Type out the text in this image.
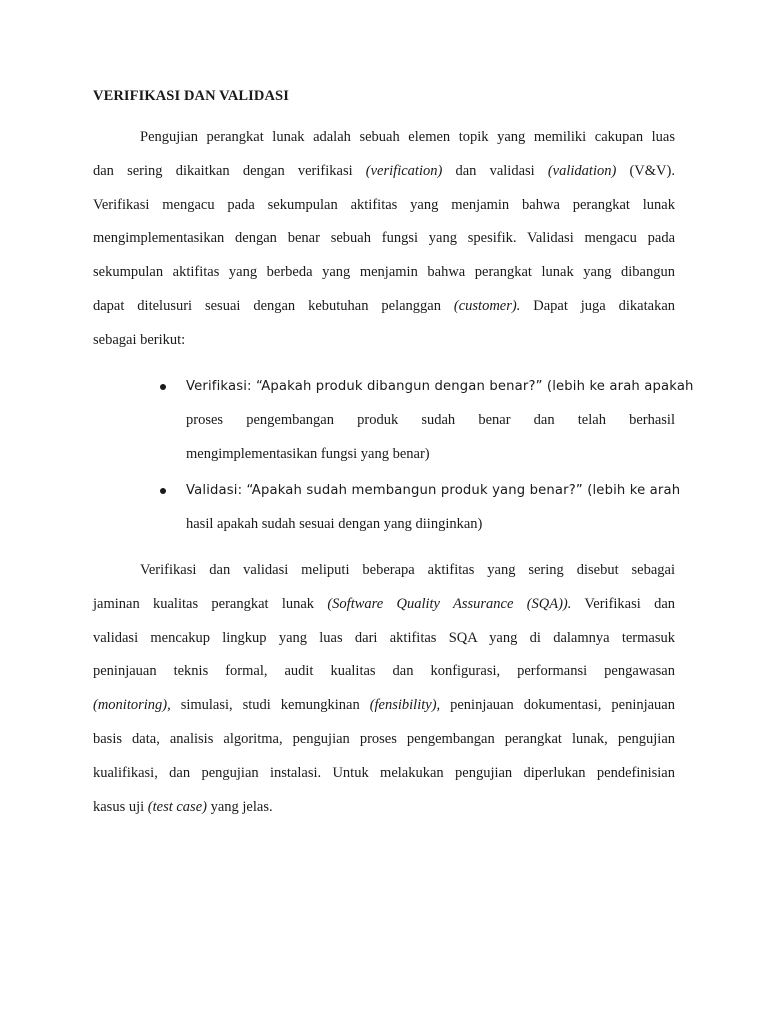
VERIFIKASI DAN VALIDASI
Pengujian perangkat lunak adalah sebuah elemen topik yang memiliki cakupan luas
dan sering dikaitkan dengan verifikasi (verification) dan validasi (validation) (V&V).
Verifikasi mengacu pada sekumpulan aktifitas yang menjamin bahwa perangkat lunak
mengimplementasikan dengan benar sebuah fungsi yang spesifik. Validasi mengacu pada
sekumpulan aktifitas yang berbeda yang menjamin bahwa perangkat lunak yang dibangun
dapat ditelusuri sesuai dengan kebutuhan pelanggan (customer). Dapat juga dikatakan
sebagai berikut:
Verifikasi: “Apakah produk dibangun dengan benar?” (lebih ke arah apakah
proses pengembangan produk sudah benar dan telah berhasil
mengimplementasikan fungsi yang benar)
Validasi: “Apakah sudah membangun produk yang benar?” (lebih ke arah
hasil apakah sudah sesuai dengan yang diinginkan)
Verifikasi dan validasi meliputi beberapa aktifitas yang sering disebut sebagai
jaminan kualitas perangkat lunak (Software Quality Assurance (SQA)). Verifikasi dan
validasi mencakup lingkup yang luas dari aktifitas SQA yang di dalamnya termasuk
peninjauan teknis formal, audit kualitas dan konfigurasi, performansi pengawasan
(monitoring), simulasi, studi kemungkinan (fensibility), peninjauan dokumentasi, peninjauan
basis data, analisis algoritma, pengujian proses pengembangan perangkat lunak, pengujian
kualifikasi, dan pengujian instalasi. Untuk melakukan pengujian diperlukan pendefinisian
kasus uji (test case) yang jelas.
